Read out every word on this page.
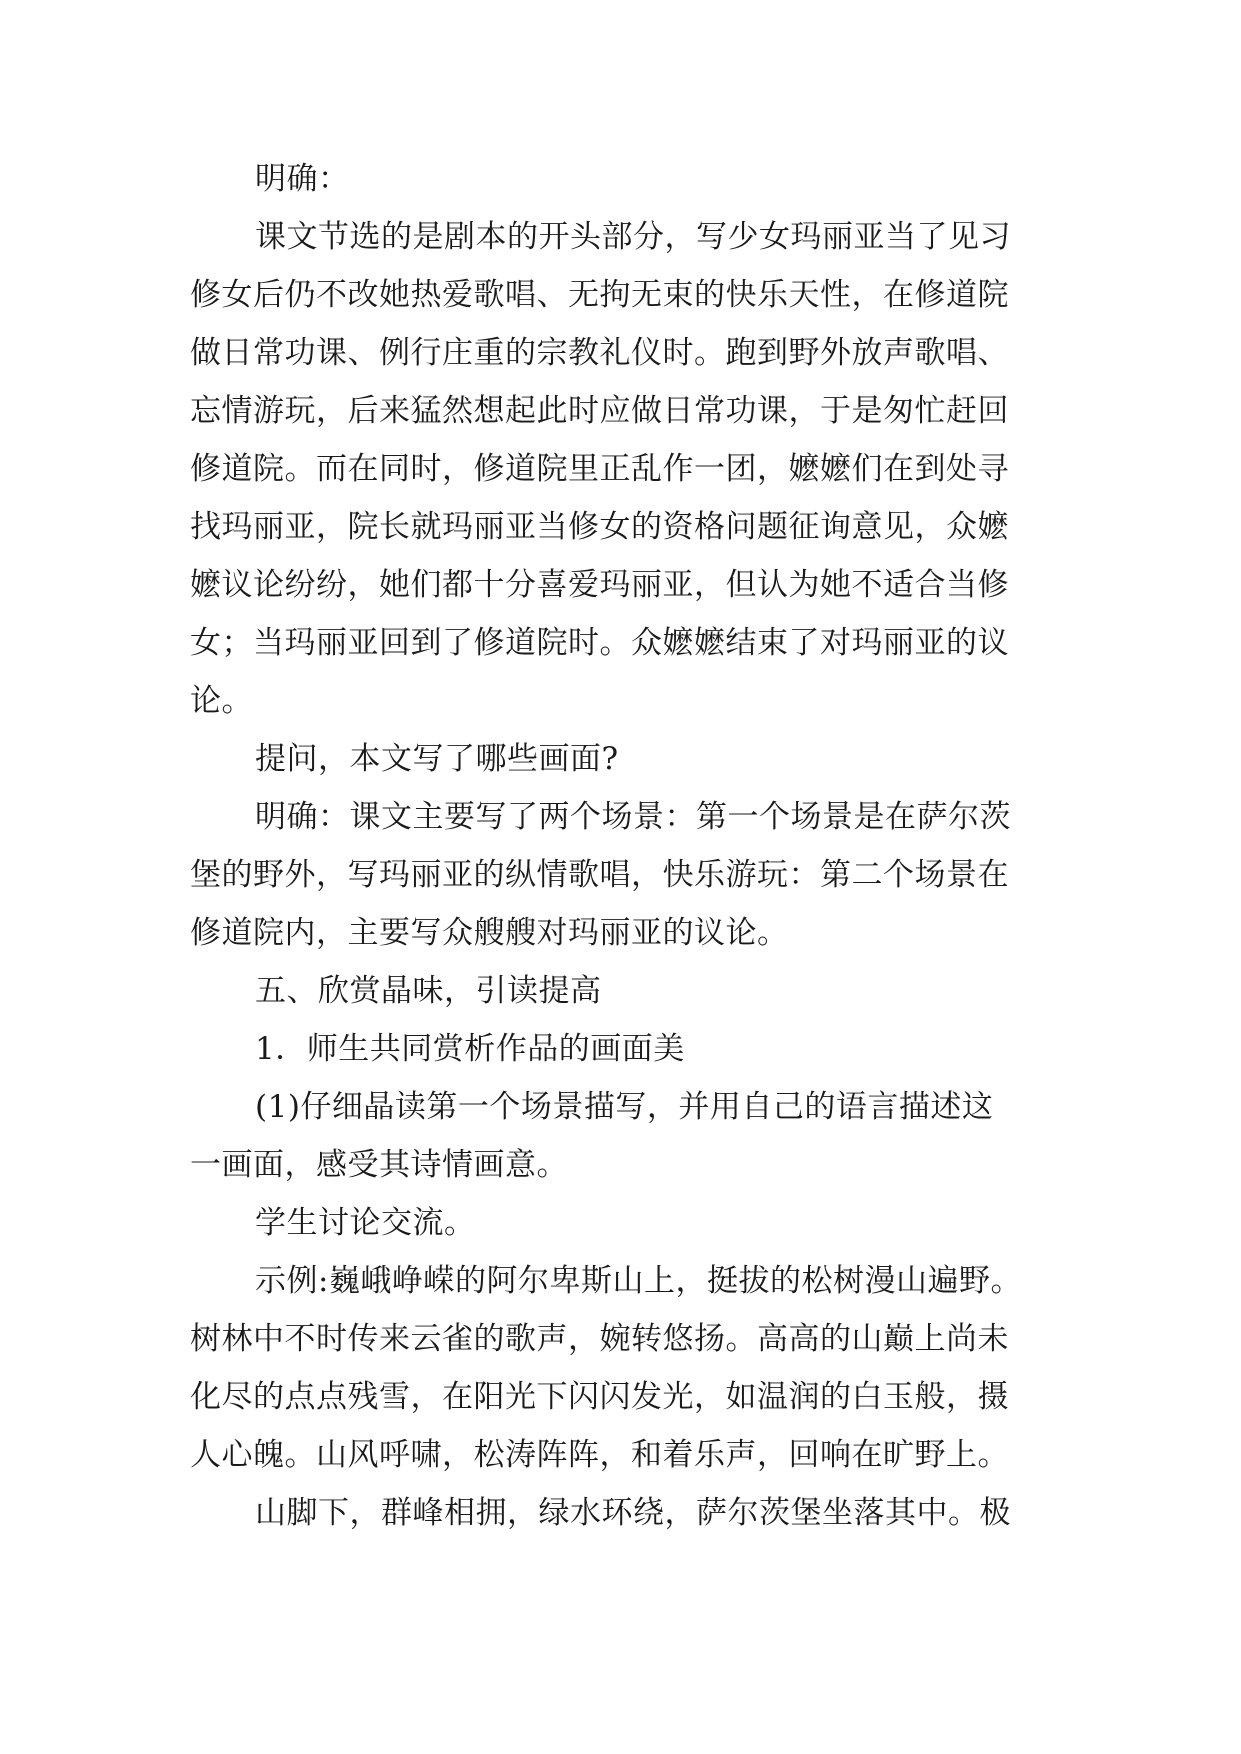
明确：
课文节选的是剧本的开头部分，写少女玛丽亚当了见习
修女后仍不改她热爱歌唱、无拘无束的快乐天性，在修道院
做日常功课、例行庄重的宗教礼仪时。跑到野外放声歌唱、
忘情游玩，后来猛然想起此时应做日常功课，于是匆忙赶回
修道院。而在同时，修道院里正乱作一团，嬷嬷们在到处寻
找玛丽亚，院长就玛丽亚当修女的资格问题征询意见，众嬷
嬷议论纷纷，她们都十分喜爱玛丽亚，但认为她不适合当修
女；当玛丽亚回到了修道院时。众嬷嬷结束了对玛丽亚的议
论。
提问，本文写了哪些画面?
明确：课文主要写了两个场景：第一个场景是在萨尔茨
堡的野外，写玛丽亚的纵情歌唱，快乐游玩：第二个场景在
修道院内，主要写众艘艘对玛丽亚的议论。
五、欣赏晶味，引读提高
1．师生共同赏析作品的画面美
(1)仔细晶读第一个场景描写，并用自己的语言描述这
一画面，感受其诗情画意。
学生讨论交流。
示例:巍峨峥嵘的阿尔卑斯山上，挺拔的松树漫山遍野。
树林中不时传来云雀的歌声，婉转悠扬。高高的山巅上尚未
化尽的点点残雪，在阳光下闪闪发光，如温润的白玉般，摄
人心魄。山风呼啸，松涛阵阵，和着乐声，回响在旷野上。
山脚下，群峰相拥，绿水环绕，萨尔茨堡坐落其中。极
